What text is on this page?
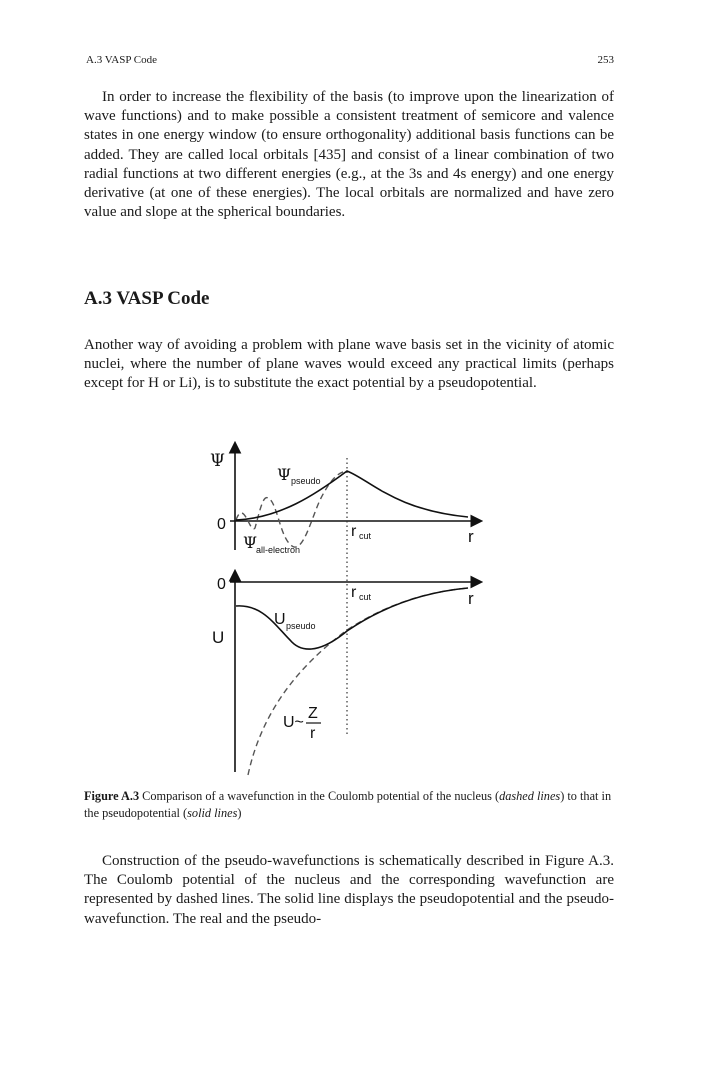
A.3 VASP Code	253

In order to increase the flexibility of the basis (to improve upon the linearization of wave functions) and to make possible a consistent treatment of semicore and valence states in one energy window (to ensure orthogonality) additional basis functions can be added. They are called local orbitals [435] and consist of a linear combination of two radial functions at two different energies (e.g., at the 3s and 4s energy) and one energy derivative (at one of these energies). The local orbitals are normalized and have zero value and slope at the spherical boundaries.

A.3 VASP Code

Another way of avoiding a problem with plane wave basis set in the vicinity of atomic nuclei, where the number of plane waves would exceed any practical limits (perhaps except for H or Li), is to substitute the exact potential by a pseudopotential.

Ψ
0
r
Ψ pseudo
Ψ
all-electron
r cut
0
U
r
r cut
U pseudo
U~
Z
r

Figure A.3 Comparison of a wavefunction in the Coulomb potential of the nucleus (dashed lines) to that in the pseudopotential (solid lines)

Construction of the pseudo-wavefunctions is schematically described in Figure A.3. The Coulomb potential of the nucleus and the corresponding wavefunction are represented by dashed lines. The solid line displays the pseudopotential and the pseudo-wavefunction. The real and the pseudo-
